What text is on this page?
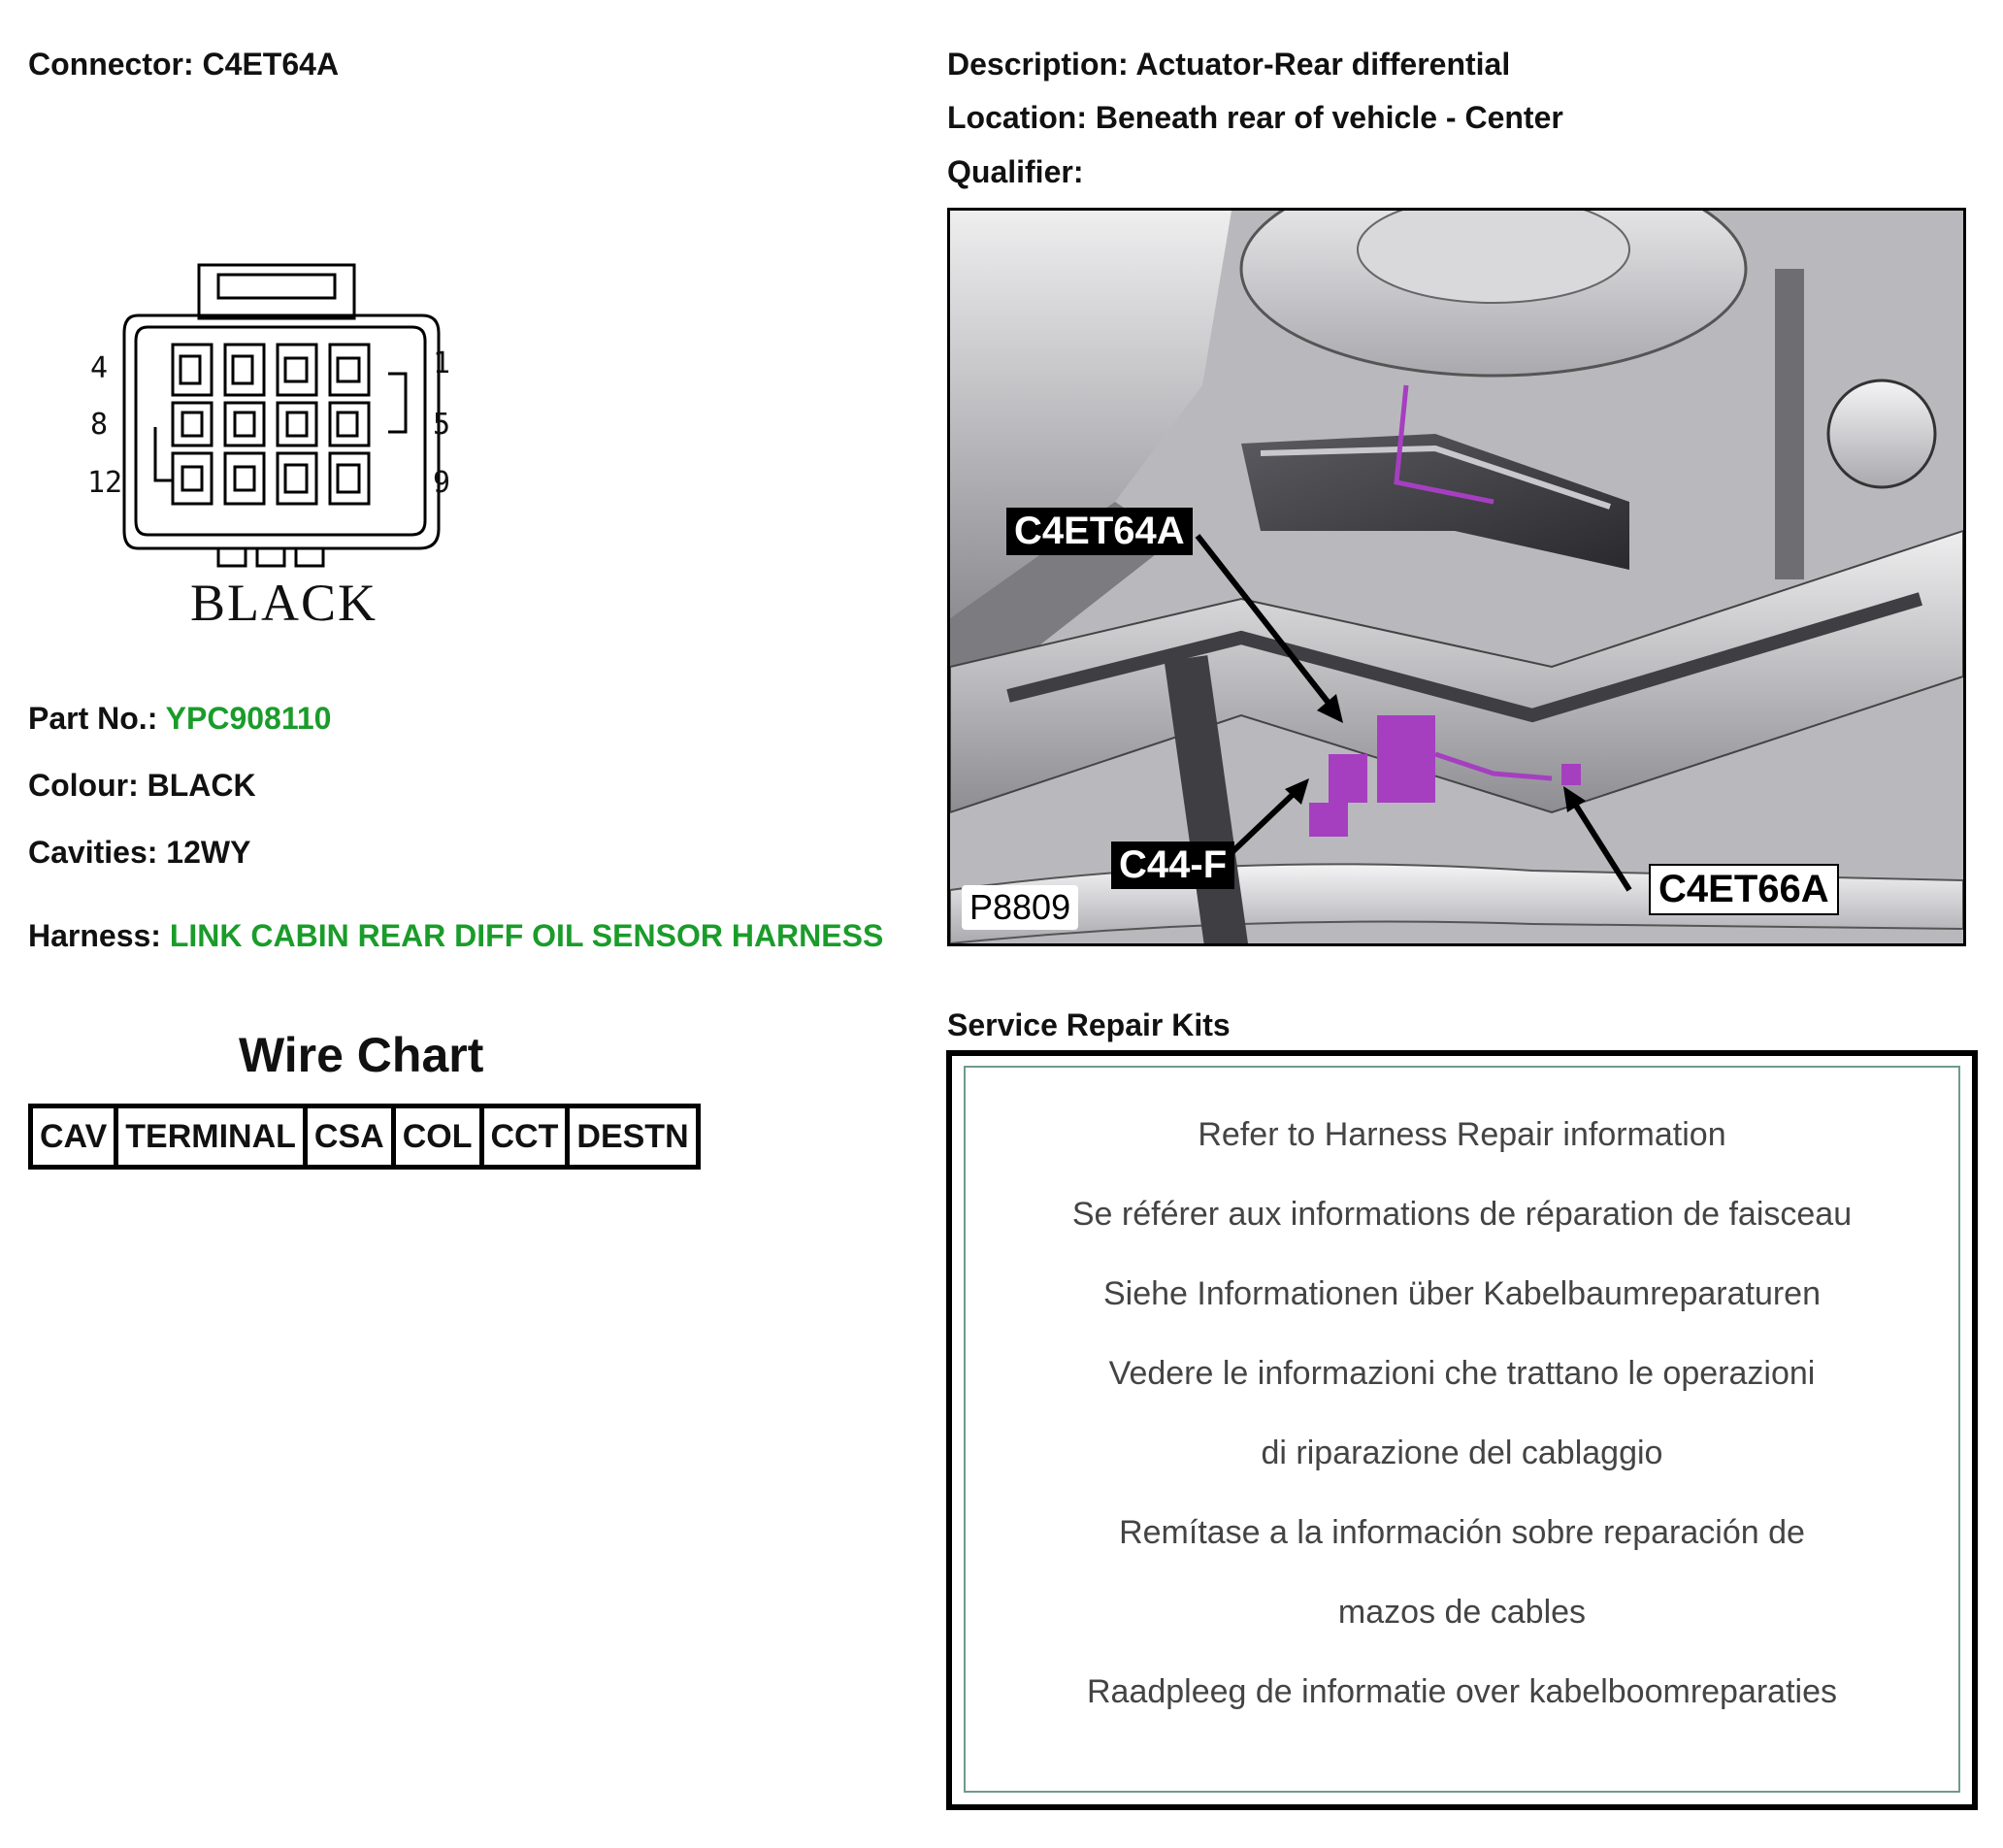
Connector: C4ET64A	Description: Actuator-Rear differential
Location: Beneath rear of vehicle - Center
Qualifier:
4	1
8	5
12	9
BLACK
Part No.: YPC908110
Colour: BLACK
Cavities: 12WY
Harness: LINK CABIN REAR DIFF OIL SENSOR HARNESS
Wire Chart
CAV	TERMINAL	CSA	COL	CCT	DESTN
C4ET64A
C44-F
C4ET66A
P8809
Service Repair Kits
Refer to Harness Repair information
Se référer aux informations de réparation de faisceau
Siehe Informationen über Kabelbaumreparaturen
Vedere le informazioni che trattano le operazioni
di riparazione del cablaggio
Remítase a la información sobre reparación de
mazos de cables
Raadpleeg de informatie over kabelboomreparaties
